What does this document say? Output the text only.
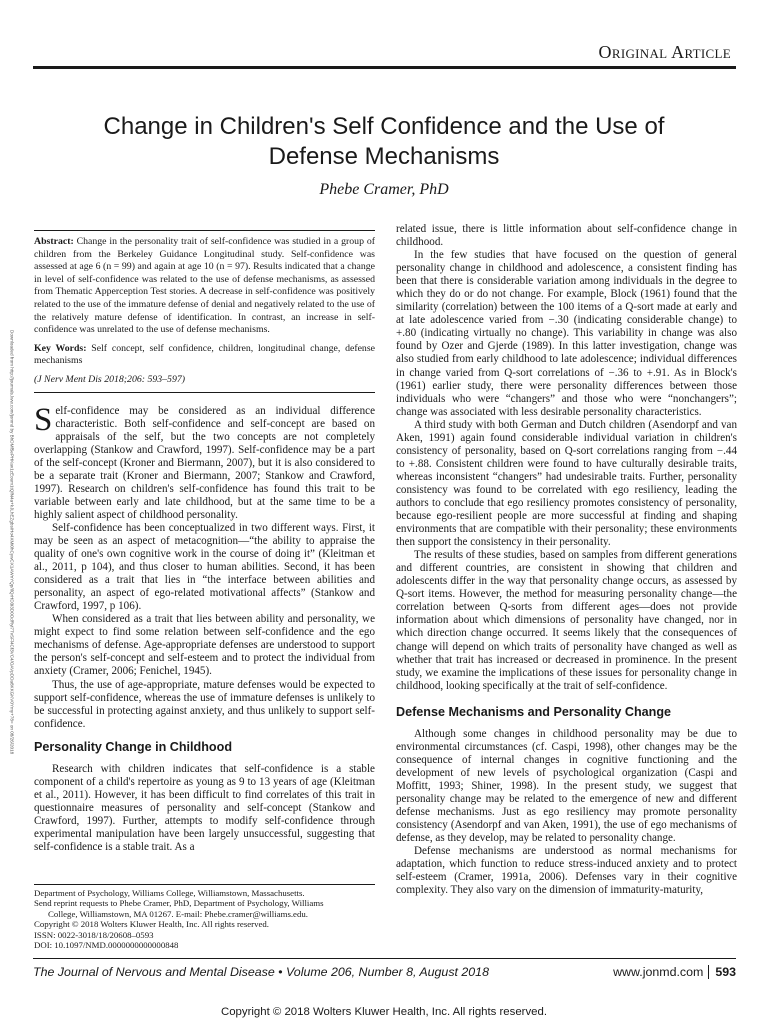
Original Article
Change in Children's Self Confidence and the Use of Defense Mechanisms
Phebe Cramer, PhD
Downloaded from http://journals.lww.com/jonmd by BhDMf5ePHKav1zEoum1tQfN4a+kJLhEZgbsIHo4XMi0hCywCX1AWnYQp/IlQrHD3i3D0OdRyi7TvSFl4Cf3VC4/OAVpDDa8KKGKV0Ymy+78= on 08/26/2018

Abstract: Change in the personality trait of self-confidence was studied in a group of children from the Berkeley Guidance Longitudinal study. Self-confidence was assessed at age 6 (n = 99) and again at age 10 (n = 97). Results indicated that a change in level of self-confidence was related to the use of defense mechanisms, as assessed from Thematic Apperception Test stories. A decrease in self-confidence was positively related to the use of the immature defense of denial and negatively related to the use of the relatively mature defense of identification. In contrast, an increase in self-confidence was unrelated to the use of defense mechanisms.

Key Words: Self concept, self confidence, children, longitudinal change, defense mechanisms

(J Nerv Ment Dis 2018;206: 593–597)

Self-confidence may be considered as an individual difference characteristic. Both self-confidence and self-concept are based on appraisals of the self, but the two concepts are not completely overlapping (Stankow and Crawford, 1997). Self-confidence may be a part of the self-concept (Kroner and Biermann, 2007), but it is also considered to be a separate trait (Kroner and Biermann, 2007; Stankow and Crawford, 1997). Research on children's self-confidence has found this trait to be variable between early and late childhood, but at the same time to be a highly salient aspect of childhood personality.

Self-confidence has been conceptualized in two different ways. First, it may be seen as an aspect of metacognition—“the ability to appraise the quality of one's own cognitive work in the course of doing it” (Kleitman et al., 2011, p 104), and thus closer to human abilities. Second, it has been considered as a trait that lies in “the interface between abilities and personality, an aspect of ego-related motivational affects” (Stankow and Crawford, 1997, p 106).

When considered as a trait that lies between ability and personality, we might expect to find some relation between self-confidence and the ego mechanisms of defense. Age-appropriate defenses are understood to support the person's self-concept and self-esteem and to protect the individual from anxiety (Cramer, 2006; Fenichel, 1945).

Thus, the use of age-appropriate, mature defenses would be expected to support self-confidence, whereas the use of immature defenses is unlikely to be successful in protecting against anxiety, and thus unlikely to support self-confidence.

Personality Change in Childhood

Research with children indicates that self-confidence is a stable component of a child's repertoire as young as 9 to 13 years of age (Kleitman et al., 2011). However, it has been difficult to find correlates of this trait in questionnaire measures of personality and self-concept (Stankow and Crawford, 1997). Further, attempts to modify self-confidence through experimental manipulation have been largely unsuccessful, suggesting that self-confidence is a stable trait. As a

related issue, there is little information about self-confidence change in childhood.

In the few studies that have focused on the question of general personality change in childhood and adolescence, a consistent finding has been that there is considerable variation among individuals in the degree to which they do or do not change. For example, Block (1961) found that the similarity (correlation) between the 100 items of a Q-sort made at early and at late adolescence varied from −.30 (indicating considerable change) to +.80 (indicating virtually no change). This variability in change was also found by Ozer and Gjerde (1989). In this latter investigation, change was also studied from early childhood to late adolescence; individual differences in change varied from Q-sort correlations of −.36 to +.91. As in Block's (1961) earlier study, there were personality differences between those individuals who were “changers” and those who were “nonchangers”; change was associated with less desirable personality characteristics.

A third study with both German and Dutch children (Asendorpf and van Aken, 1991) again found considerable individual variation in children's consistency of personality, based on Q-sort correlations ranging from −.44 to +.88. Consistent children were found to have culturally desirable traits, whereas inconsistent “changers” had undesirable traits. Further, personality consistency was found to be correlated with ego resiliency, leading the authors to conclude that ego resiliency promotes consistency of personality, because ego-resilient people are more successful at finding and shaping environments that are compatible with their personality; these environments then support the consistency in their personality.

The results of these studies, based on samples from different generations and different countries, are consistent in showing that children and adolescents differ in the way that personality change occurs, as assessed by Q-sort items. However, the method for measuring personality change—the correlation between Q-sorts from different ages—does not provide information about which dimensions of personality have changed, nor in which direction change occurred. It seems likely that the consequences of change will depend on which traits of personality have changed as well as whether that trait has increased or decreased in prominence. In the present study, we examine the implications of these issues for personality change in childhood, looking specifically at the trait of self-confidence.

Defense Mechanisms and Personality Change

Although some changes in childhood personality may be due to environmental circumstances (cf. Caspi, 1998), other changes may be the consequence of internal changes in cognitive functioning and the development of new levels of psychological organization (Caspi and Moffitt, 1993; Shiner, 1998). In the present study, we suggest that personality change may be related to the emergence of new and different defense mechanisms. Just as ego resiliency may promote personality consistency (Asendorpf and van Aken, 1991), the use of ego mechanisms of defense, as they develop, may be related to personality change.

Defense mechanisms are understood as normal mechanisms for adaptation, which function to reduce stress-induced anxiety and to protect self-esteem (Cramer, 1991a, 2006). Defenses vary in their cognitive complexity. They also vary on the dimension of immaturity-maturity,

Department of Psychology, Williams College, Williamstown, Massachusetts.
Send reprint requests to Phebe Cramer, PhD, Department of Psychology, Williams
College, Williamstown, MA 01267. E-mail: Phebe.cramer@williams.edu.
Copyright © 2018 Wolters Kluwer Health, Inc. All rights reserved.
ISSN: 0022-3018/18/20608–0593
DOI: 10.1097/NMD.0000000000000848
The Journal of Nervous and Mental Disease • Volume 206, Number 8, August 2018	www.jonmd.com 593
Copyright © 2018 Wolters Kluwer Health, Inc. All rights reserved.
